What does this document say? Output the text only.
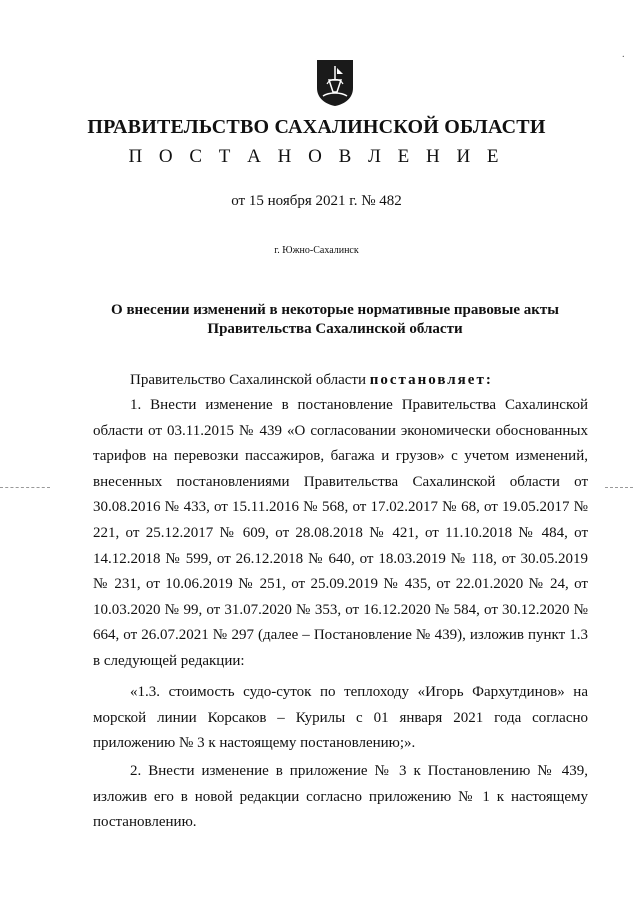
·
ПРАВИТЕЛЬСТВО САХАЛИНСКОЙ ОБЛАСТИ
П О С Т А Н О В Л Е Н И Е
от 15 ноября 2021 г. № 482
г. Южно-Сахалинск
О внесении изменений в некоторые нормативные правовые акты
Правительства Сахалинской области
Правительство Сахалинской области постановляет:
1. Внести изменение в постановление Правительства Сахалинской области от 03.11.2015 № 439 «О согласовании экономически обоснованных тарифов на перевозки пассажиров, багажа и грузов» с учетом изменений, внесенных постановлениями Правительства Сахалинской области от 30.08.2016 № 433, от 15.11.2016 № 568, от 17.02.2017 № 68, от 19.05.2017 № 221, от 25.12.2017 № 609, от 28.08.2018 № 421, от 11.10.2018 № 484, от 14.12.2018 № 599, от 26.12.2018 № 640, от 18.03.2019 № 118, от 30.05.2019 № 231, от 10.06.2019 № 251, от 25.09.2019 № 435, от 22.01.2020 № 24, от 10.03.2020 № 99, от 31.07.2020 № 353, от 16.12.2020 № 584, от 30.12.2020 № 664, от 26.07.2021 № 297 (далее – Постановление № 439), изложив пункт 1.3 в следующей редакции:
«1.3. стоимость судо-суток по теплоходу «Игорь Фархутдинов» на морской линии Корсаков – Курилы с 01 января 2021 года согласно приложению № 3 к настоящему постановлению;».
2. Внести изменение в приложение № 3 к Постановлению № 439, изложив его в новой редакции согласно приложению № 1 к настоящему постановлению.
